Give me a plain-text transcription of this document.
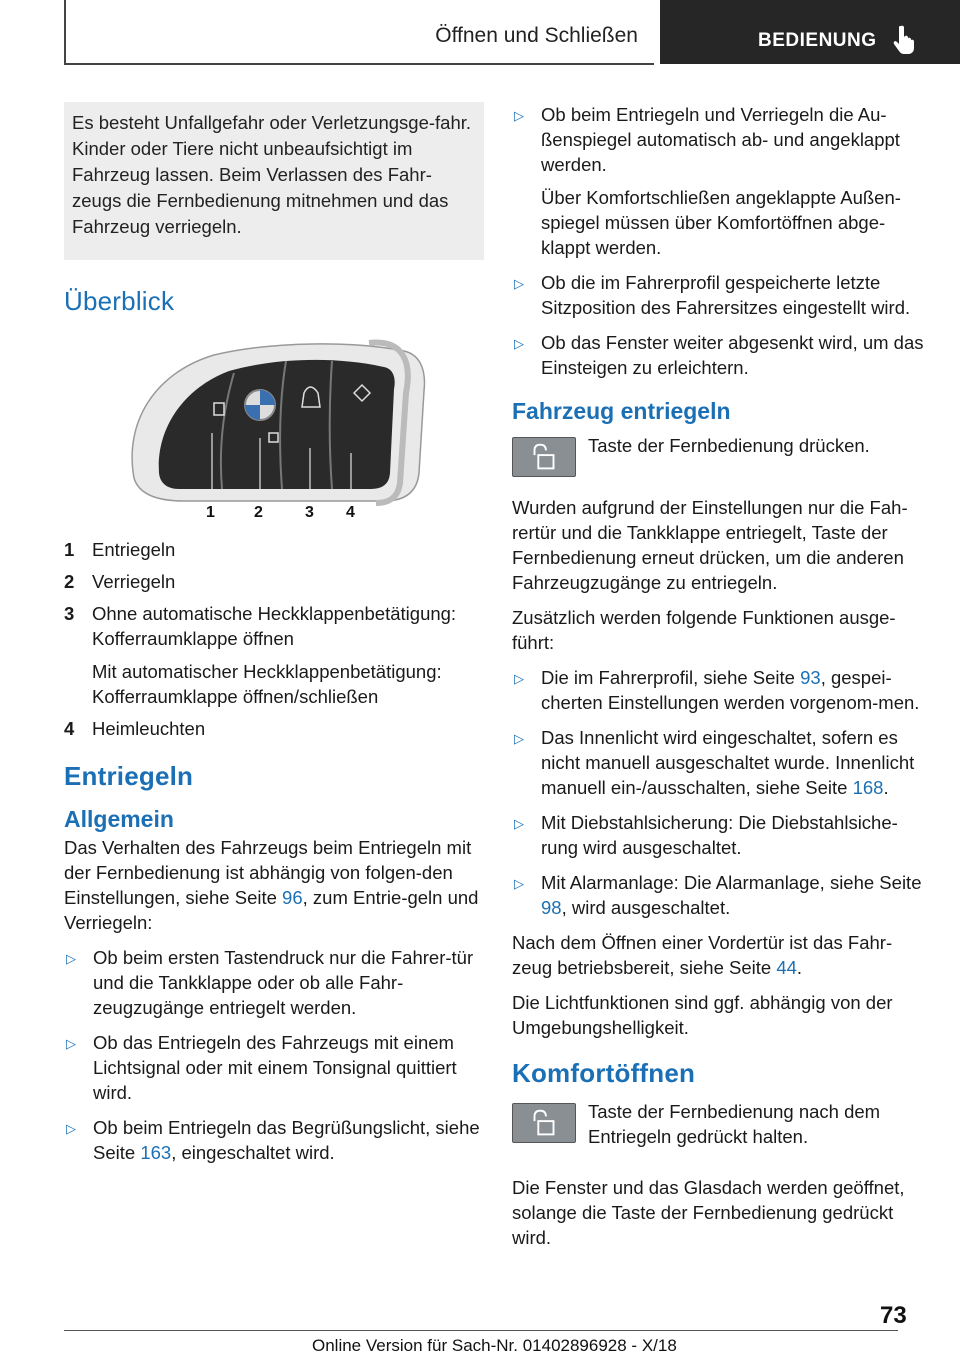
Öffnen und Schließen	BEDIENUNG
Es besteht Unfallgefahr oder Verletzungsge-fahr. Kinder oder Tiere nicht unbeaufsichtigt im Fahrzeug lassen. Beim Verlassen des Fahr-zeugs die Fernbedienung mitnehmen und das Fahrzeug verriegeln.
Überblick
1 2	3 4
1 Entriegeln
2 Verriegeln
3 Ohne automatische Heckklappenbetätigung: Kofferraumklappe öffnen
Mit automatischer Heckklappenbetätigung: Kofferraumklappe öffnen/schließen
4 Heimleuchten
Entriegeln
Allgemein

Das Verhalten des Fahrzeugs beim Entriegeln mit der Fernbedienung ist abhängig von folgen-den Einstellungen, siehe Seite 96, zum Entrie-geln und Verriegeln:

▷ Ob beim ersten Tastendruck nur die Fahrer-tür und die Tankklappe oder ob alle Fahr-zeugzugänge entriegelt werden.
▷ Ob das Entriegeln des Fahrzeugs mit einem Lichtsignal oder mit einem Tonsignal quittiert wird.
▷ Ob beim Entriegeln das Begrüßungslicht, siehe Seite 163, eingeschaltet wird.
▷ Ob beim Entriegeln und Verriegeln die Au-ßenspiegel automatisch ab- und angeklappt werden.
Über Komfortschließen angeklappte Außen-spiegel müssen über Komfortöffnen abge-klappt werden.
▷ Ob die im Fahrerprofil gespeicherte letzte Sitzposition des Fahrersitzes eingestellt wird.
▷ Ob das Fenster weiter abgesenkt wird, um das Einsteigen zu erleichtern.
Fahrzeug entriegeln
Taste der Fernbedienung drücken.

Wurden aufgrund der Einstellungen nur die Fah-rertür und die Tankklappe entriegelt, Taste der Fernbedienung erneut drücken, um die anderen Fahrzeugzugänge zu entriegeln.

Zusätzlich werden folgende Funktionen ausge-führt:

▷ Die im Fahrerprofil, siehe Seite 93, gespei-cherten Einstellungen werden vorgenom-men.
▷ Das Innenlicht wird eingeschaltet, sofern es nicht manuell ausgeschaltet wurde. Innenlicht manuell ein-/ausschalten, siehe Seite 168.
▷ Mit Diebstahlsicherung: Die Diebstahlsiche-rung wird ausgeschaltet.
▷ Mit Alarmanlage: Die Alarmanlage, siehe Seite 98, wird ausgeschaltet.

Nach dem Öffnen einer Vordertür ist das Fahr-zeug betriebsbereit, siehe Seite 44.

Die Lichtfunktionen sind ggf. abhängig von der Umgebungshelligkeit.

Komfortöffnen
Taste der Fernbedienung nach dem Entriegeln gedrückt halten.

Die Fenster und das Glasdach werden geöffnet, solange die Taste der Fernbedienung gedrückt wird.

73
Online Version für Sach-Nr. 01402896928 - X/18
